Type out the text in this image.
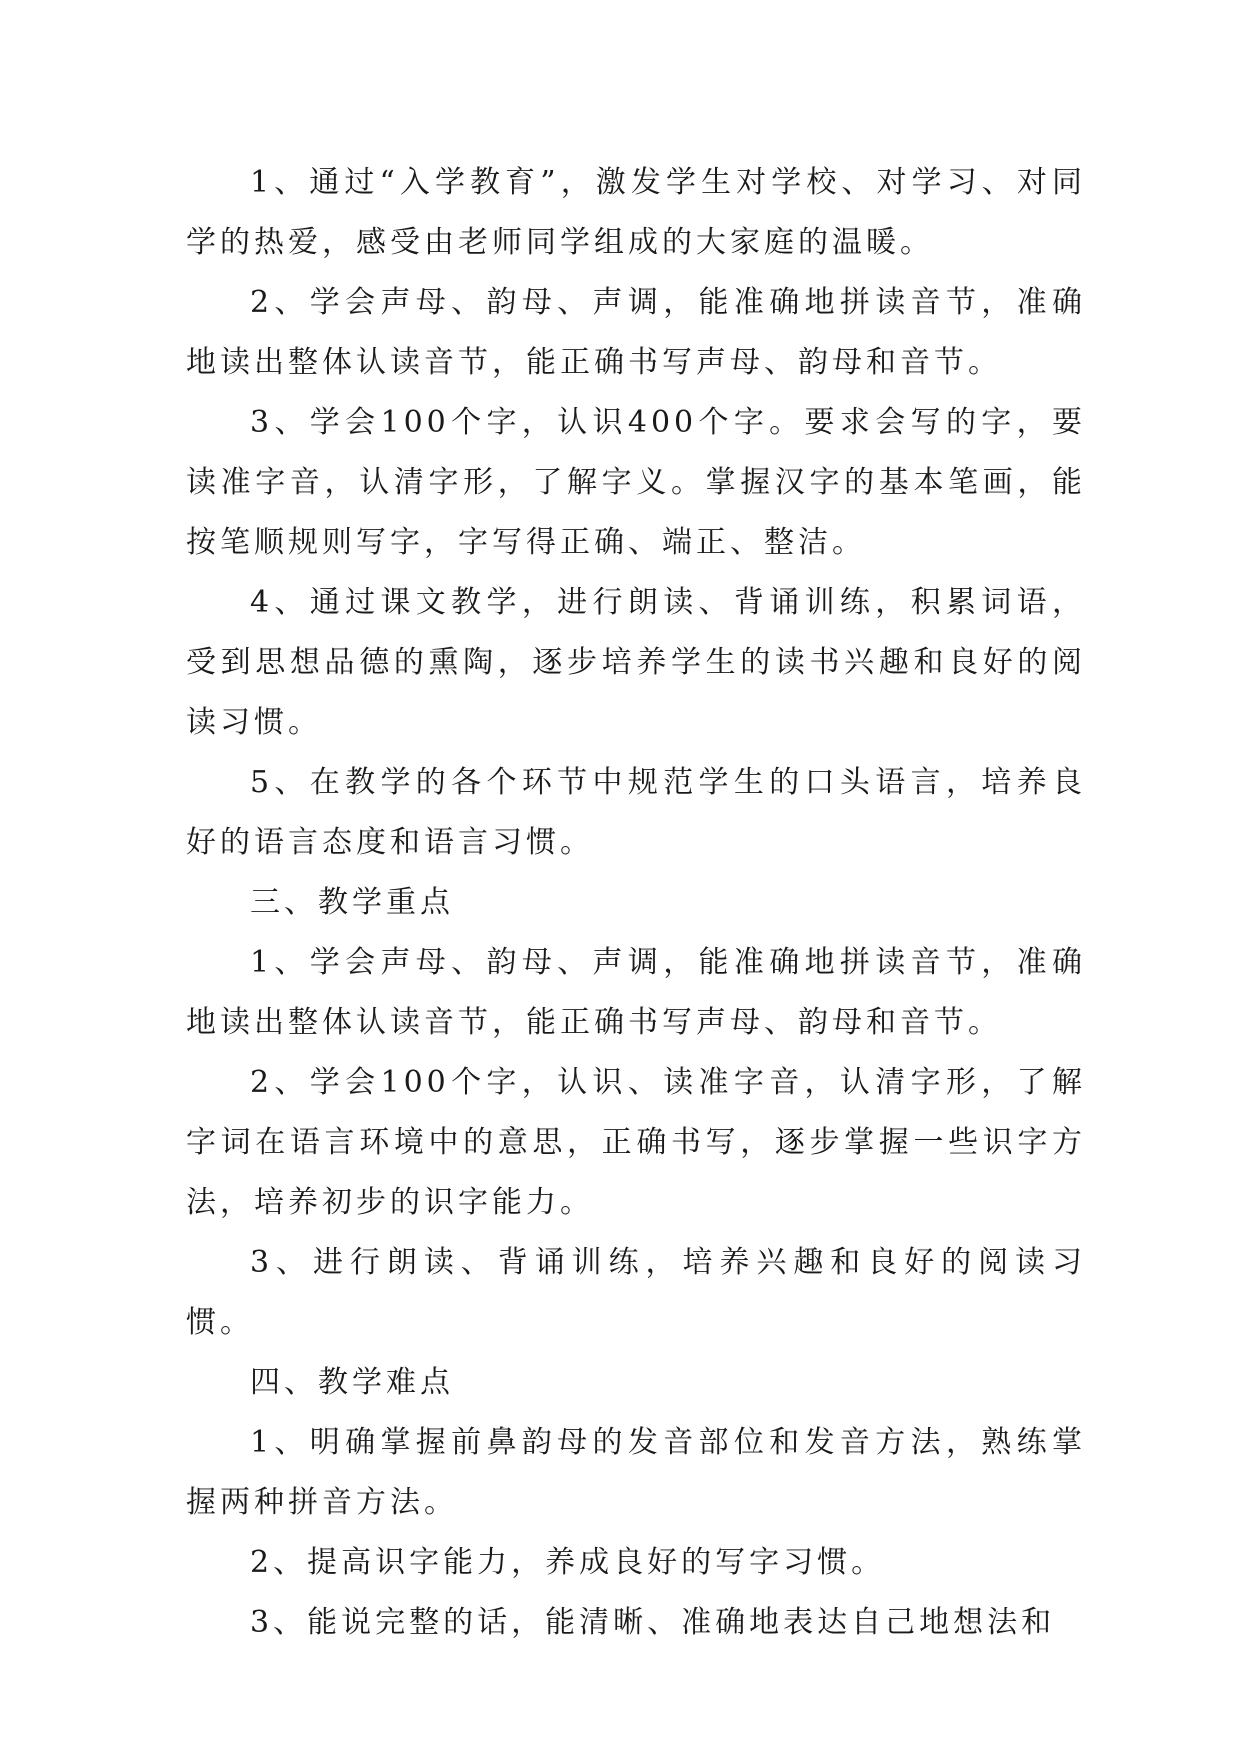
1、通过“入学教育”，激发学生对学校、对学习、对同学的热爱，感受由老师同学组成的大家庭的温暖。

2、学会声母、韵母、声调，能准确地拼读音节，准确地读出整体认读音节，能正确书写声母、韵母和音节。

3、学会100个字，认识400个字。要求会写的字，要读准字音，认清字形，了解字义。掌握汉字的基本笔画，能按笔顺规则写字，字写得正确、端正、整洁。

4、通过课文教学，进行朗读、背诵训练，积累词语，受到思想品德的熏陶，逐步培养学生的读书兴趣和良好的阅读习惯。

5、在教学的各个环节中规范学生的口头语言，培养良好的语言态度和语言习惯。

三、教学重点

1、学会声母、韵母、声调，能准确地拼读音节，准确地读出整体认读音节，能正确书写声母、韵母和音节。

2、学会100个字，认识、读准字音，认清字形，了解字词在语言环境中的意思，正确书写，逐步掌握一些识字方法，培养初步的识字能力。

3、进行朗读、背诵训练，培养兴趣和良好的阅读习惯。

四、教学难点

1、明确掌握前鼻韵母的发音部位和发音方法，熟练掌握两种拼音方法。

2、提高识字能力，养成良好的写字习惯。

3、能说完整的话，能清晰、准确地表达自己地想法和
